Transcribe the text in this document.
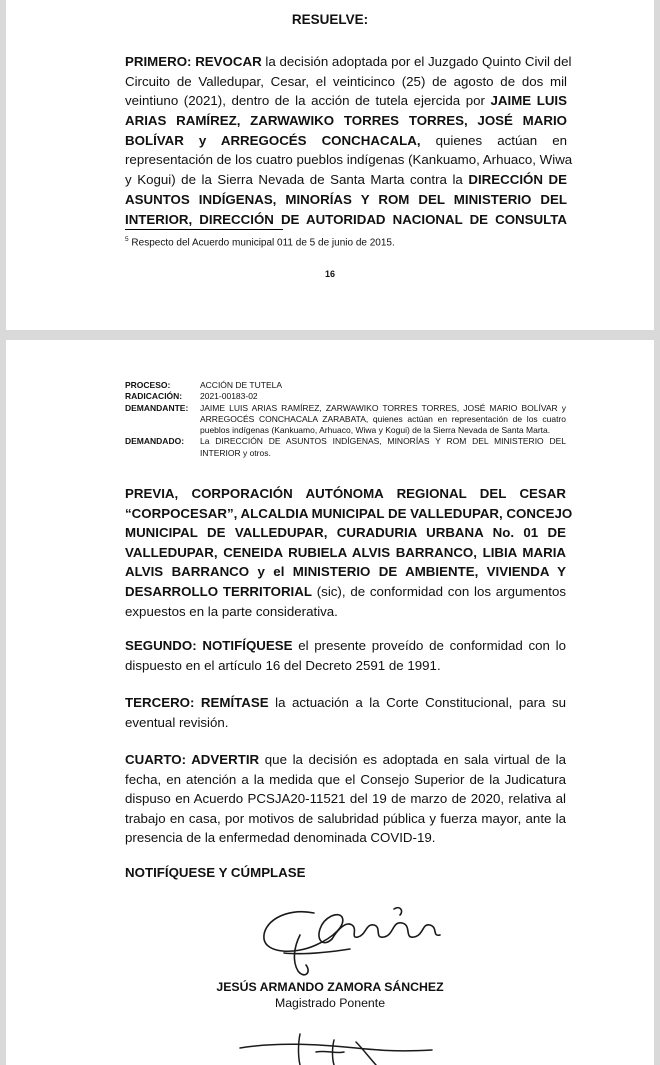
RESUELVE:
PRIMERO: REVOCAR la decisión adoptada por el Juzgado Quinto Civil del
Circuito de Valledupar, Cesar, el veinticinco (25) de agosto de dos mil
veintiuno (2021), dentro de la acción de tutela ejercida por JAIME LUIS
ARIAS RAMÍREZ, ZARWAWIKO TORRES TORRES, JOSÉ MARIO
BOLÍVAR y ARREGOCÉS CONCHACALA, quienes actúan en
representación de los cuatro pueblos indígenas (Kankuamo, Arhuaco, Wiwa
y Kogui) de la Sierra Nevada de Santa Marta contra la DIRECCIÓN DE
ASUNTOS INDÍGENAS, MINORÍAS Y ROM DEL MINISTERIO DEL
INTERIOR, DIRECCIÓN DE AUTORIDAD NACIONAL DE CONSULTA
$^5$ Respecto del Acuerdo municipal 011 de 5 de junio de 2015.
16
PROCESO:	ACCIÓN DE TUTELA
RADICACIÓN:	2021-00183-02
DEMANDANTE:	JAIME LUIS ARIAS RAMÍREZ, ZARWAWIKO TORRES TORRES, JOSÉ MARIO BOLÍVAR y ARREGOCÉS CONCHACALA ZARABATA, quienes actúan en representación de los cuatro pueblos indígenas (Kankuamo, Arhuaco, Wiwa y Kogui) de la Sierra Nevada de Santa Marta.
DEMANDADO:	La DIRECCIÓN DE ASUNTOS INDÍGENAS, MINORÍAS Y ROM DEL MINISTERIO DEL INTERIOR y otros.
PREVIA, CORPORACIÓN AUTÓNOMA REGIONAL DEL CESAR
“CORPOCESAR”, ALCALDIA MUNICIPAL DE VALLEDUPAR, CONCEJO
MUNICIPAL DE VALLEDUPAR, CURADURIA URBANA No. 01 DE
VALLEDUPAR, CENEIDA RUBIELA ALVIS BARRANCO, LIBIA MARIA
ALVIS BARRANCO y el MINISTERIO DE AMBIENTE, VIVIENDA Y
DESARROLLO TERRITORIAL (sic), de conformidad con los argumentos
expuestos en la parte considerativa.
SEGUNDO: NOTIFÍQUESE el presente proveído de conformidad con lo
dispuesto en el artículo 16 del Decreto 2591 de 1991.
TERCERO: REMÍTASE la actuación a la Corte Constitucional, para su
eventual revisión.
CUARTO: ADVERTIR que la decisión es adoptada en sala virtual de la
fecha, en atención a la medida que el Consejo Superior de la Judicatura
dispuso en Acuerdo PCSJA20-11521 del 19 de marzo de 2020, relativa al
trabajo en casa, por motivos de salubridad pública y fuerza mayor, ante la
presencia de la enfermedad denominada COVID-19.
NOTIFÍQUESE Y CÚMPLASE
JESÚS ARMANDO ZAMORA SÁNCHEZ
Magistrado Ponente
